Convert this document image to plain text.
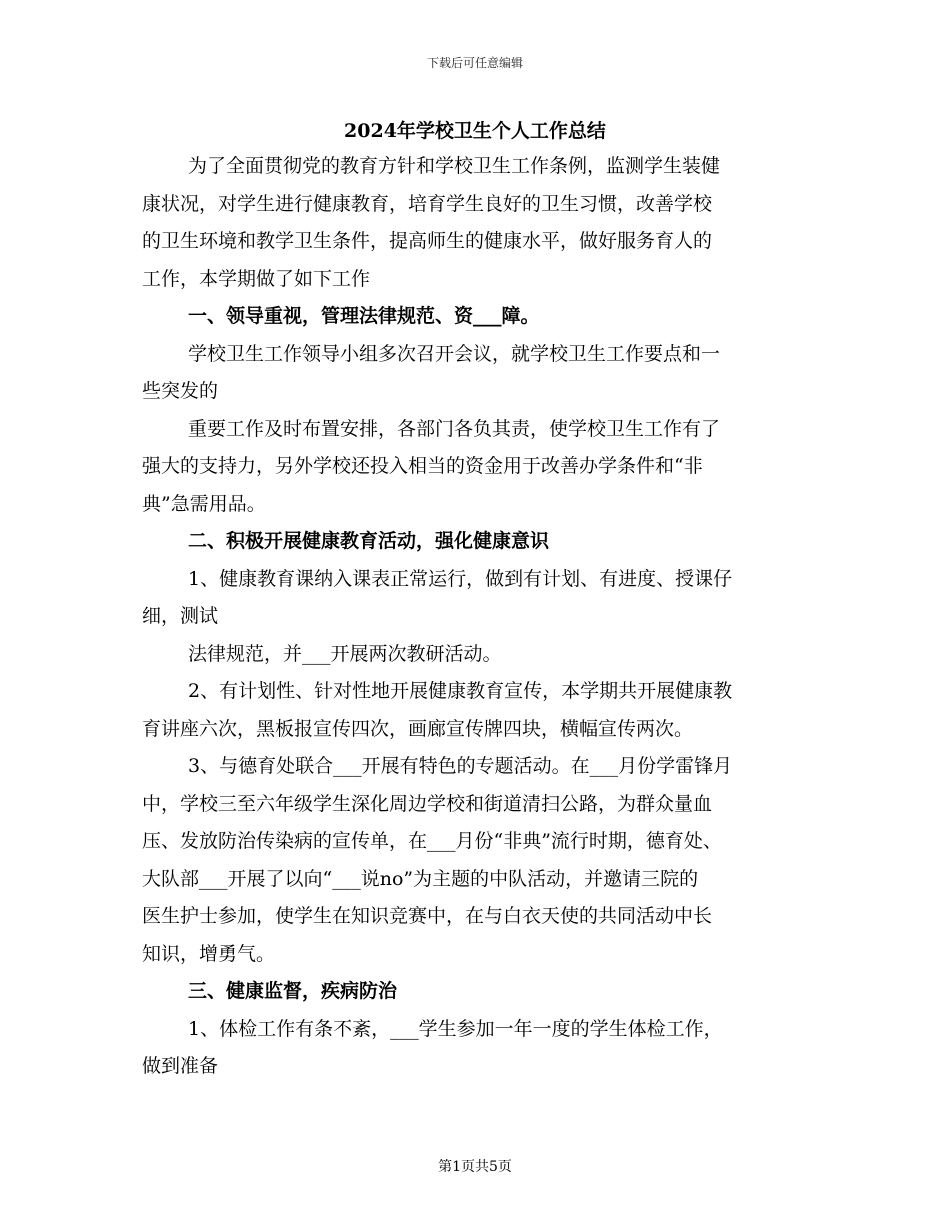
下载后可任意编辑
2024年学校卫生个人工作总结

为了全面贯彻党的教育方针和学校卫生工作条例，监测学生装健

康状况，对学生进行健康教育，培育学生良好的卫生习惯，改善学校

的卫生环境和教学卫生条件，提高师生的健康水平，做好服务育人的

工作，本学期做了如下工作

一、领导重视，管理法律规范、资___障。

学校卫生工作领导小组多次召开会议，就学校卫生工作要点和一

些突发的

重要工作及时布置安排，各部门各负其责，使学校卫生工作有了

强大的支持力，另外学校还投入相当的资金用于改善办学条件和“非

典”急需用品。

二、积极开展健康教育活动，强化健康意识

1、健康教育课纳入课表正常运行，做到有计划、有进度、授课仔

细，测试

法律规范，并___开展两次教研活动。

2、有计划性、针对性地开展健康教育宣传，本学期共开展健康教

育讲座六次，黑板报宣传四次，画廊宣传牌四块，横幅宣传两次。

3、与德育处联合___开展有特色的专题活动。在___月份学雷锋月

中，学校三至六年级学生深化周边学校和街道清扫公路，为群众量血

压、发放防治传染病的宣传单，在___月份“非典”流行时期，德育处、

大队部___开展了以向“___说no”为主题的中队活动，并邀请三院的

医生护士参加，使学生在知识竞赛中，在与白衣天使的共同活动中长

知识，增勇气。

三、健康监督，疾病防治

1、体检工作有条不紊，___学生参加一年一度的学生体检工作，

做到准备

第1页共5页
